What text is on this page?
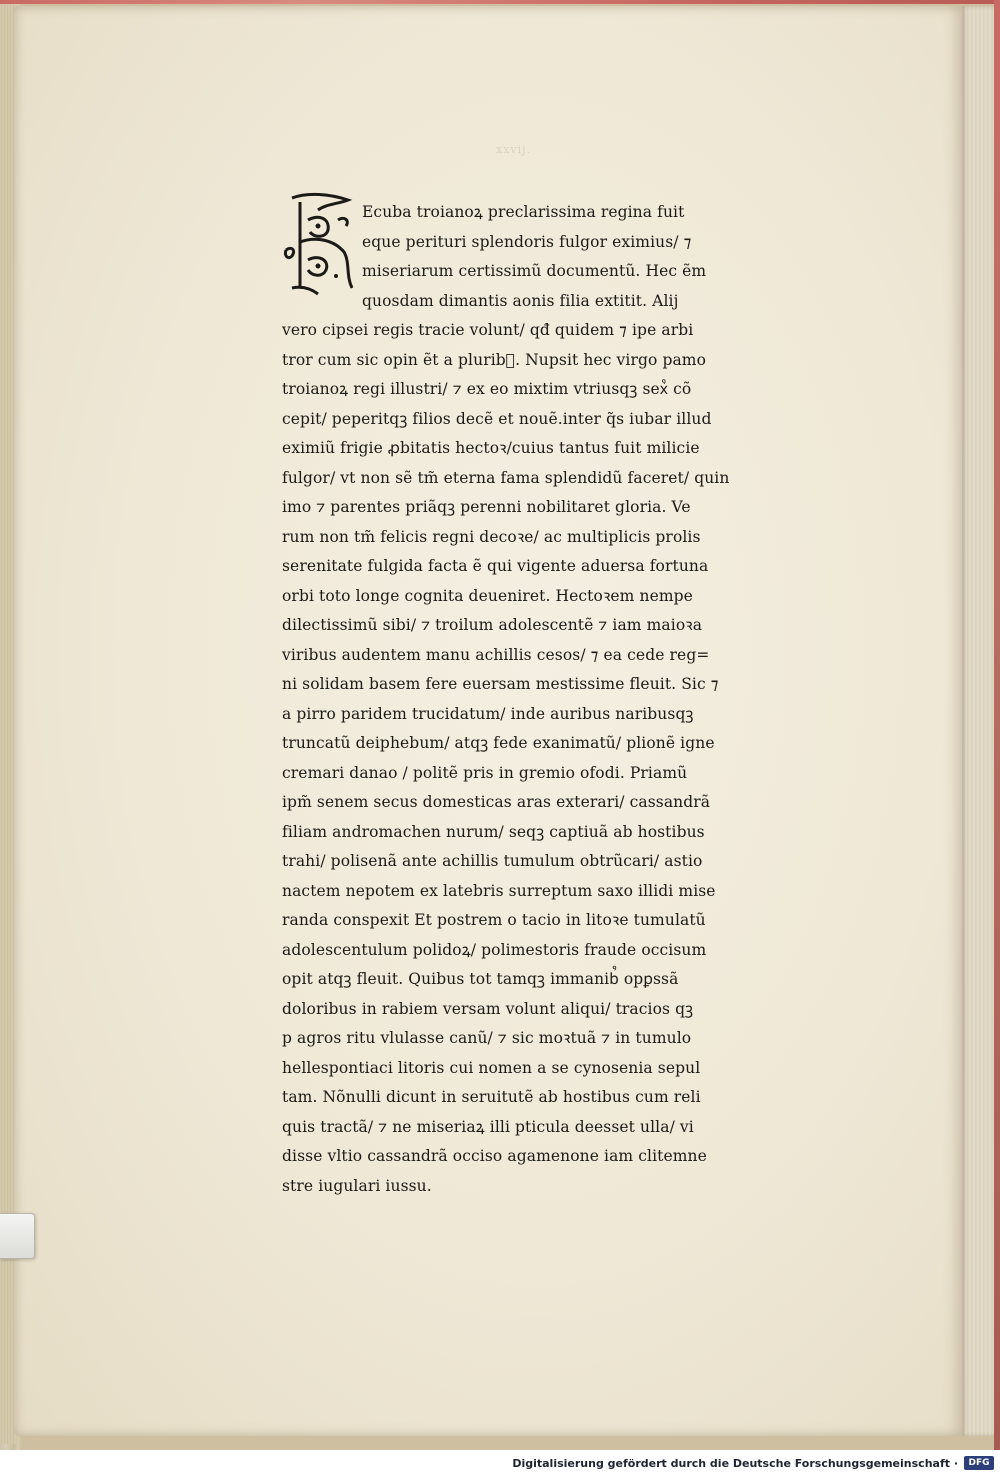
xxvij.
Ecuba troianoꝝ preclarissima regina fuit
eque perituri splendoris fulgor eximius/ ⁊
miseriarum certissimũ documentũ. Hec ẽm
quosdam dimantis aonis filia extitit. Alij
vero cipsei regis tracie volunt/ qđ quidem ⁊ ipe arbi
tror cum sic opin ẽt a plurib᷒. Nupsit hec virgo pamo
troianoꝝ regi illustri/ ⁊ ex eo mixtim vtriusqꝫ sex᷒ cõ
cepit/ peperitqꝫ filios decẽ et nouẽ.inter q̃s iubar illud
eximiũ frigie ꝓbitatis hectoꝛ/cuius tantus fuit milicie
fulgor/ vt non sẽ tm̃ eterna fama splendidũ faceret/ quin
imo ⁊ parentes priãqꝫ perenni nobilitaret gloria. Ve
rum non tm̃ felicis regni decoꝛe/ ac multiplicis prolis
serenitate fulgida facta ẽ qui vigente aduersa fortuna
orbi toto longe cognita deueniret. Hectoꝛem nempe
dilectissimũ sibi/ ⁊ troilum adolescentẽ ⁊ iam maioꝛa
viribus audentem manu achillis cesos/ ⁊ ea cede reg=
ni solidam basem fere euersam mestissime fleuit. Sic ⁊
a pirro paridem trucidatum/ inde auribus naribusqꝫ
truncatũ deiphebum/ atqꝫ fede exanimatũ/ plionẽ igne
cremari danao / politẽ pris in gremio ofodi. Priamũ
ipm̃ senem secus domesticas aras exterari/ cassandrã
filiam andromachen nurum/ seqꝫ captiuã ab hostibus
trahi/ polisenã ante achillis tumulum obtrũcari/ astio
nactem nepotem ex latebris surreptum saxo illidi mise
randa conspexit Et postrem o tacio in litoꝛe tumulatũ
adolescentulum polidoꝝ/ polimestoris fraude occisum
opit atqꝫ fleuit. Quibus tot tamqꝫ immanib᷒ opꝑssã
doloribus in rabiem versam volunt aliqui/ tracios qꝫ
p agros ritu vlulasse canũ/ ⁊ sic moꝛtuã ⁊ in tumulo
hellespontiaci litoris cui nomen a se cynosenia sepul
tam. Nõnulli dicunt in seruitutẽ ab hostibus cum reli
quis tractã/ ⁊ ne miseriaꝝ illi pticula deesset ulla/ vi
disse vltio cassandrã occiso agamenone iam clitemne
stre iugulari iussu.
Digitalisierung gefördert durch die Deutsche Forschungsgemeinschaft ·	DFG
